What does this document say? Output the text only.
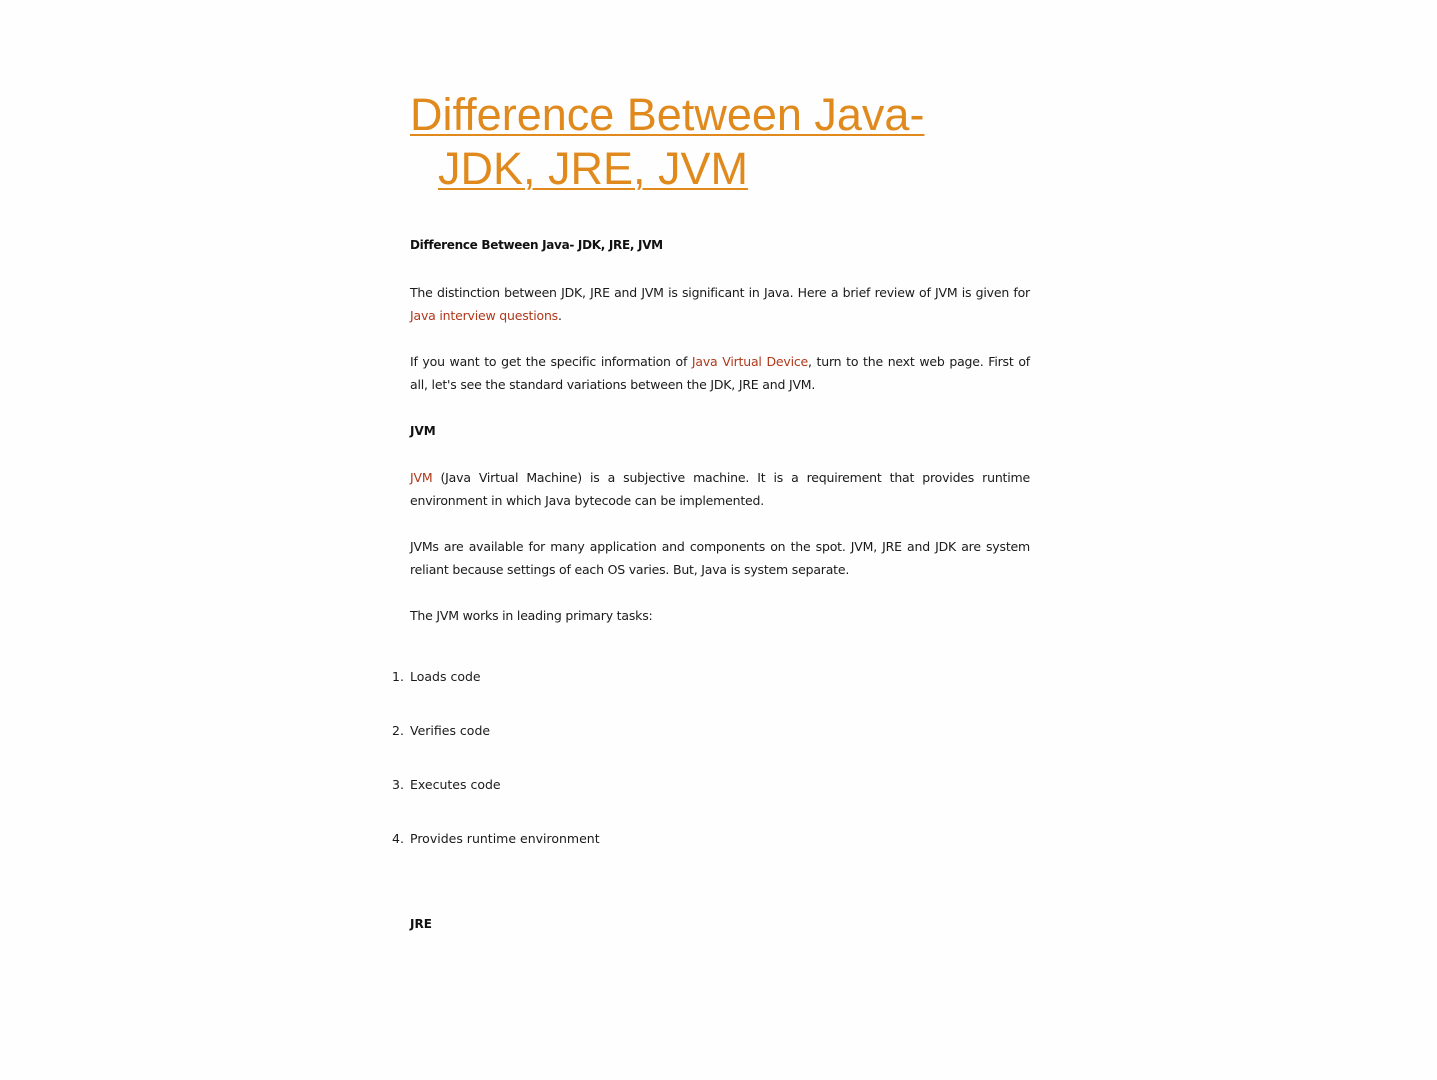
Difference Between Java-
JDK, JRE, JVM
Difference Between Java- JDK, JRE, JVM

The distinction between JDK, JRE and JVM is significant in Java. Here a brief review of JVM is given for Java interview questions.

If you want to get the specific information of Java Virtual Device, turn to the next web page. First of all, let's see the standard variations between the JDK, JRE and JVM.

JVM

JVM (Java Virtual Machine) is a subjective machine. It is a requirement that provides runtime environment in which Java bytecode can be implemented.

JVMs are available for many application and components on the spot. JVM, JRE and JDK are system reliant because settings of each OS varies. But, Java is system separate.

The JVM works in leading primary tasks:

1. Loads code
2. Verifies code
3. Executes code
4. Provides runtime environment
JRE
